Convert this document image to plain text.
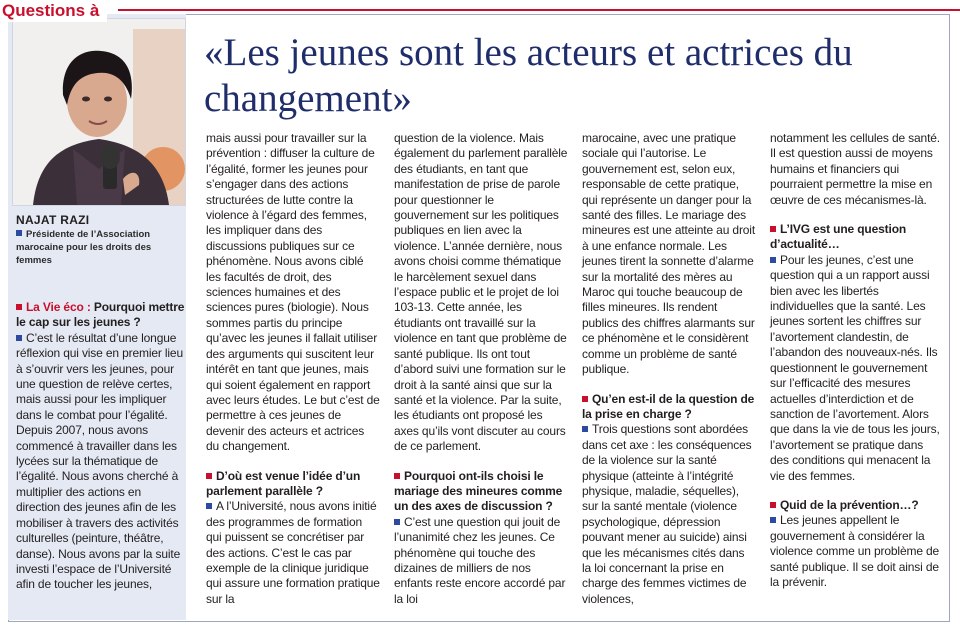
Questions à
NAJAT RAZI
Présidente de l’Association marocaine pour les droits des femmes
«Les jeunes sont les acteurs et actrices du changement»

La Vie éco : Pourquoi mettre le cap sur les jeunes ?

C’est le résultat d’une longue réflexion qui vise en premier lieu à s’ouvrir vers les jeunes, pour une question de relève certes, mais aussi pour les impliquer dans le combat pour l’égalité. Depuis 2007, nous avons commencé à travailler dans les lycées sur la thématique de l’égalité. Nous avons cherché à multiplier des actions en direction des jeunes afin de les mobiliser à travers des activités culturelles (peinture, théâtre, danse). Nous avons par la suite investi l’espace de l’Université afin de toucher les jeunes,

mais aussi pour travailler sur la prévention : diffuser la culture de l’égalité, former les jeunes pour s’engager dans des actions structurées de lutte contre la violence à l’égard des femmes, les impliquer dans des discussions publiques sur ce phénomène. Nous avons ciblé les facultés de droit, des sciences humaines et des sciences pures (biologie). Nous sommes partis du principe qu’avec les jeunes il fallait utiliser des arguments qui suscitent leur intérêt en tant que jeunes, mais qui soient également en rapport avec leurs études. Le but c’est de permettre à ces jeunes de devenir des acteurs et actrices du changement.

D’où est venue l’idée d’un parlement parallèle ?

A l’Université, nous avons initié des programmes de formation qui puissent se concrétiser par des actions. C’est le cas par exemple de la clinique juridique qui assure une formation pratique sur la

question de la violence. Mais également du parlement parallèle des étudiants, en tant que manifestation de prise de parole pour questionner le gouvernement sur les politiques publiques en lien avec la violence. L’année dernière, nous avons choisi comme thématique le harcèlement sexuel dans l’espace public et le projet de loi 103-13. Cette année, les étudiants ont travaillé sur la violence en tant que problème de santé publique. Ils ont tout d’abord suivi une formation sur le droit à la santé ainsi que sur la santé et la violence. Par la suite, les étudiants ont proposé les axes qu’ils vont discuter au cours de ce parlement.

Pourquoi ont-ils choisi le mariage des mineures comme un des axes de discussion ?

C’est une question qui jouit de l’unanimité chez les jeunes. Ce phénomène qui touche des dizaines de milliers de nos enfants reste encore accordé par la loi

marocaine, avec une pratique sociale qui l’autorise. Le gouvernement est, selon eux, responsable de cette pratique, qui représente un danger pour la santé des filles. Le mariage des mineures est une atteinte au droit à une enfance normale. Les jeunes tirent la sonnette d’alarme sur la mortalité des mères au Maroc qui touche beaucoup de filles mineures. Ils rendent publics des chiffres alarmants sur ce phénomène et le considèrent comme un problème de santé publique.

Qu’en est-il de la question de la prise en charge ?

Trois questions sont abordées dans cet axe : les conséquences de la violence sur la santé physique (atteinte à l’intégrité physique, maladie, séquelles), sur la santé mentale (violence psychologique, dépression pouvant mener au suicide) ainsi que les mécanismes cités dans la loi concernant la prise en charge des femmes victimes de violences,

notamment les cellules de santé. Il est question aussi de moyens humains et financiers qui pourraient permettre la mise en œuvre de ces mécanismes-là.

L’IVG est une question d’actualité…

Pour les jeunes, c’est une question qui a un rapport aussi bien avec les libertés individuelles que la santé. Les jeunes sortent les chiffres sur l’avortement clandestin, de l’abandon des nouveaux-nés. Ils questionnent le gouvernement sur l’efficacité des mesures actuelles d’interdiction et de sanction de l’avortement. Alors que dans la vie de tous les jours, l’avortement se pratique dans des conditions qui menacent la vie des femmes.

Quid de la prévention…?

Les jeunes appellent le gouvernement à considérer la violence comme un problème de santé publique. Il se doit ainsi de la prévenir.
